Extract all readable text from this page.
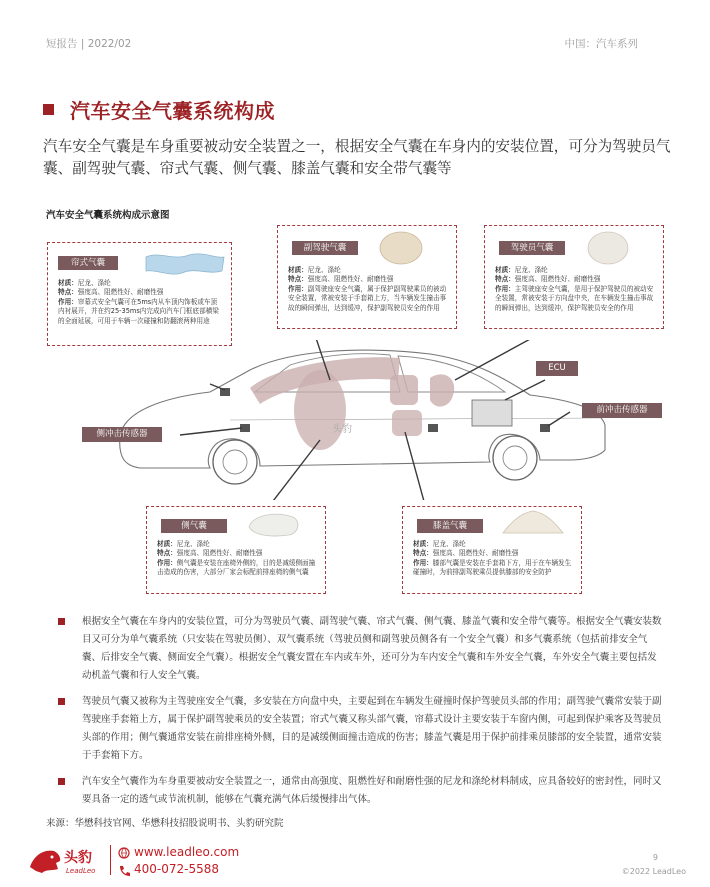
短报告 | 2022/02	中国：汽车系列
汽车安全气囊系统构成
汽车安全气囊是车身重要被动安全装置之一，根据安全气囊在车身内的安装位置，可分为驾驶员气囊、副驾驶气囊、帘式气囊、侧气囊、膝盖气囊和安全带气囊等
汽车安全气囊系统构成示意图
头豹
帘式气囊
材质：尼龙、涤纶
特点：强度高、阻燃性好、耐磨性强
作用：帘幕式安全气囊可在5ms内从车顶内饰板或车顶内衬展开，并在约25-35ms内完成向汽车门框底部横梁的全面延展，可用于车辆一次碰撞和防翻滚两种用途
副驾驶气囊
材质：尼龙、涤纶
特点：强度高、阻燃性好、耐磨性强
作用：副驾驶座安全气囊，属于保护副驾驶乘员的被动安全装置，常被安装于手套箱上方，当车辆发生撞击事故的瞬间弹出，达到缓冲，保护副驾驶员安全的作用
驾驶员气囊
材质：尼龙、涤纶
特点：强度高、阻燃性好、耐磨性强
作用：主驾驶座安全气囊，是用于保护驾驶员的被动安全装置，常被安装于方向盘中央，在车辆发生撞击事故的瞬间弹出，达到缓冲，保护驾驶员安全的作用
ECU
前冲击传感器
侧冲击传感器
侧气囊
材质：尼龙、涤纶
特点：强度高、阻燃性好、耐磨性强
作用：侧气囊是安装在座椅外侧的，目的是减缓侧面撞击造成的伤害，大部分厂家会标配前排座椅的侧气囊
膝盖气囊
材质：尼龙、涤纶
特点：强度高、阻燃性好、耐磨性强
作用：膝部气囊是安装在手套箱下方，用于在车辆发生碰撞时，为前排副驾驶乘员提供膝部的安全防护
根据安全气囊在车身内的安装位置，可分为驾驶员气囊、副驾驶气囊、帘式气囊、侧气囊、膝盖气囊和安全带气囊等。根据安全气囊安装数目又可分为单气囊系统（只安装在驾驶员侧）、双气囊系统（驾驶员侧和副驾驶员侧各有一个安全气囊）和多气囊系统（包括前排安全气囊、后排安全气囊、侧面安全气囊）。根据安全气囊安置在车内或车外，还可分为车内安全气囊和车外安全气囊，车外安全气囊主要包括发动机盖气囊和行人安全气囊。
驾驶员气囊又被称为主驾驶座安全气囊，多安装在方向盘中央，主要起到在车辆发生碰撞时保护驾驶员头部的作用；副驾驶气囊常安装于副驾驶座手套箱上方，属于保护副驾驶乘员的安全装置；帘式气囊又称头部气囊，帘幕式设计主要安装于车窗内侧，可起到保护乘客及驾驶员头部的作用；侧气囊通常安装在前排座椅外侧，目的是减缓侧面撞击造成的伤害；膝盖气囊是用于保护前排乘员膝部的安全装置，通常安装于手套箱下方。
汽车安全气囊作为车身重要被动安全装置之一，通常由高强度、阻燃性好和耐磨性强的尼龙和涤纶材料制成，应具备较好的密封性，同时又要具备一定的透气或节流机制，能够在气囊充满气体后缓慢排出气体。
来源：华懋科技官网、华懋科技招股说明书、头豹研究院
头豹
LeadLeo
www.leadleo.com
400-072-5588
9
©2022 LeadLeo
